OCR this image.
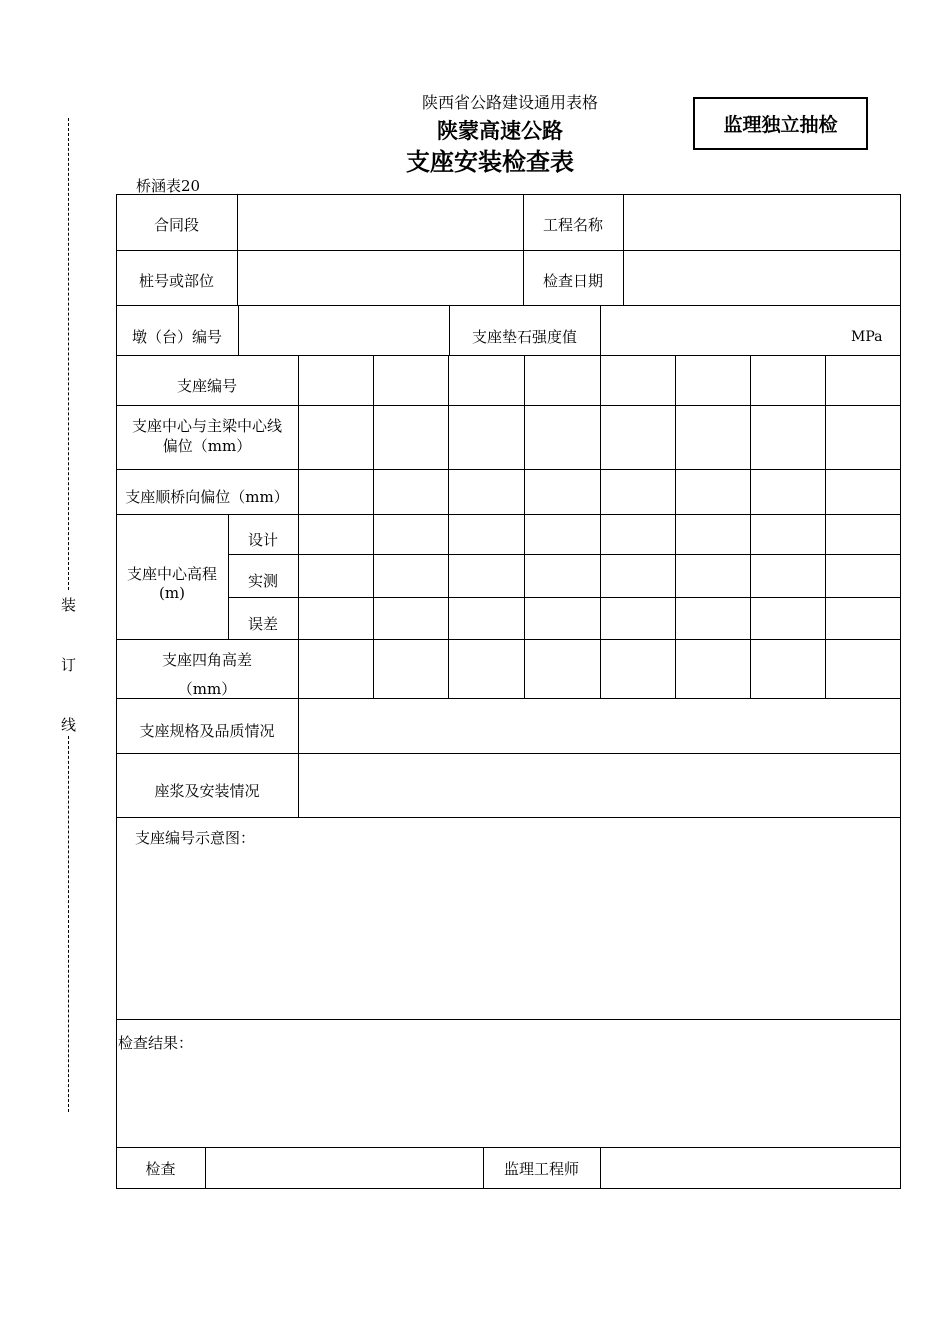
装
订
线
陕西省公路建设通用表格
陕蒙高速公路
支座安装检查表
监理独立抽检
桥涵表20
合同段	工程名称
桩号或部位	检查日期
墩（台）编号	支座垫石强度值	MPa
支座编号
支座中心与主梁中心线
偏位（mm）
支座顺桥向偏位（mm）
支座中心高程
(m)
设计
实测
误差
支座四角高差
（mm）
支座规格及品质情况
座浆及安装情况
支座编号示意图：
检查结果：
检查	监理工程师
